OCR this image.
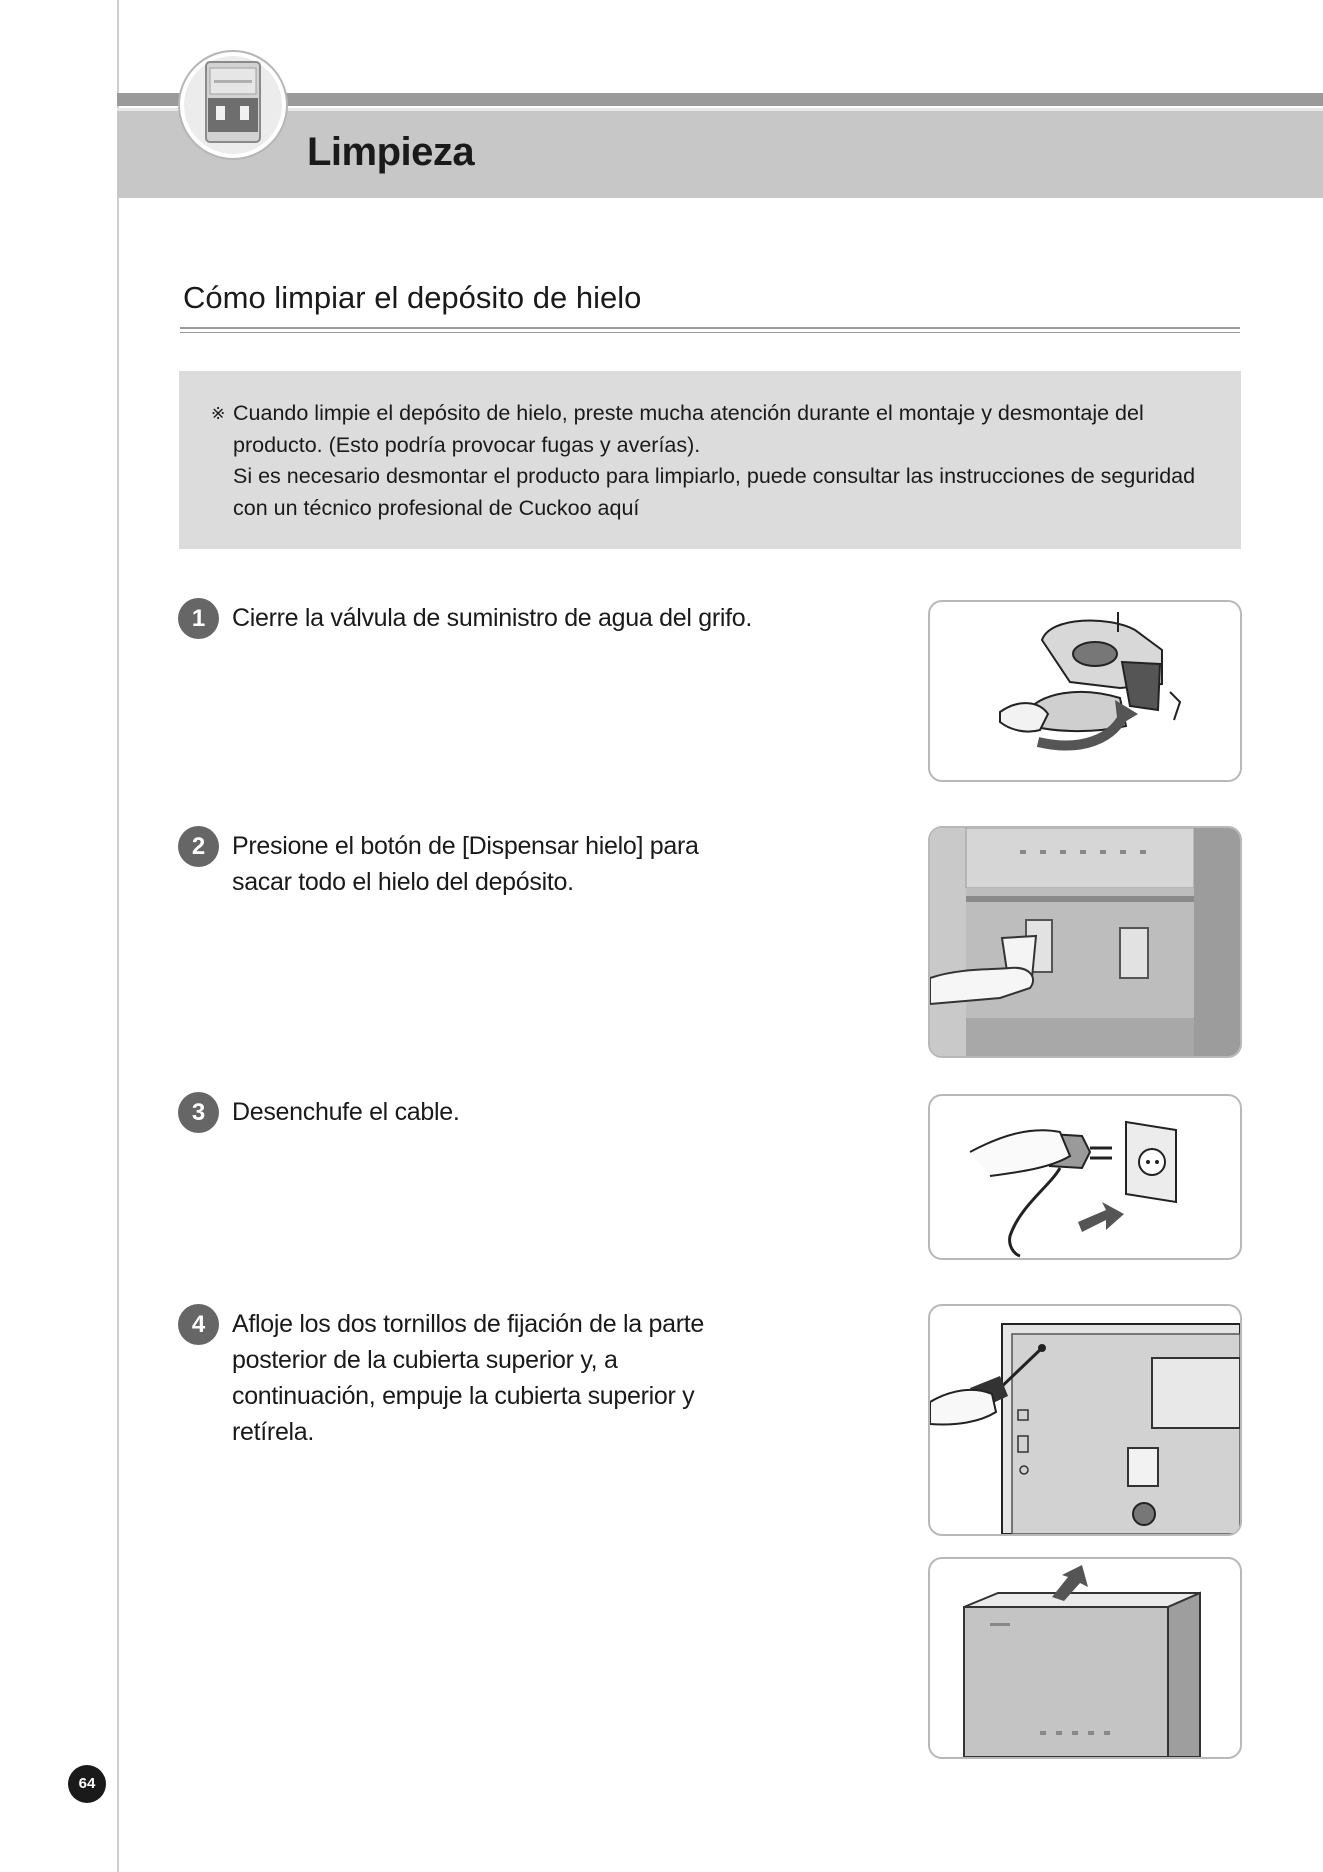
Limpieza
Cómo limpiar el depósito de hielo
※ Cuando limpie el depósito de hielo, preste mucha atención durante el montaje y desmontaje del
producto. (Esto podría provocar fugas y averías).
Si es necesario desmontar el producto para limpiarlo, puede consultar las instrucciones de seguridad
con un técnico profesional de Cuckoo aquí
1	Cierre la válvula de suministro de agua del grifo.
2	Presione el botón de [Dispensar hielo] para
sacar todo el hielo del depósito.
3	Desenchufe el cable.
4	Afloje los dos tornillos de fijación de la parte
posterior de la cubierta superior y, a
continuación, empuje la cubierta superior y
retírela.
64
